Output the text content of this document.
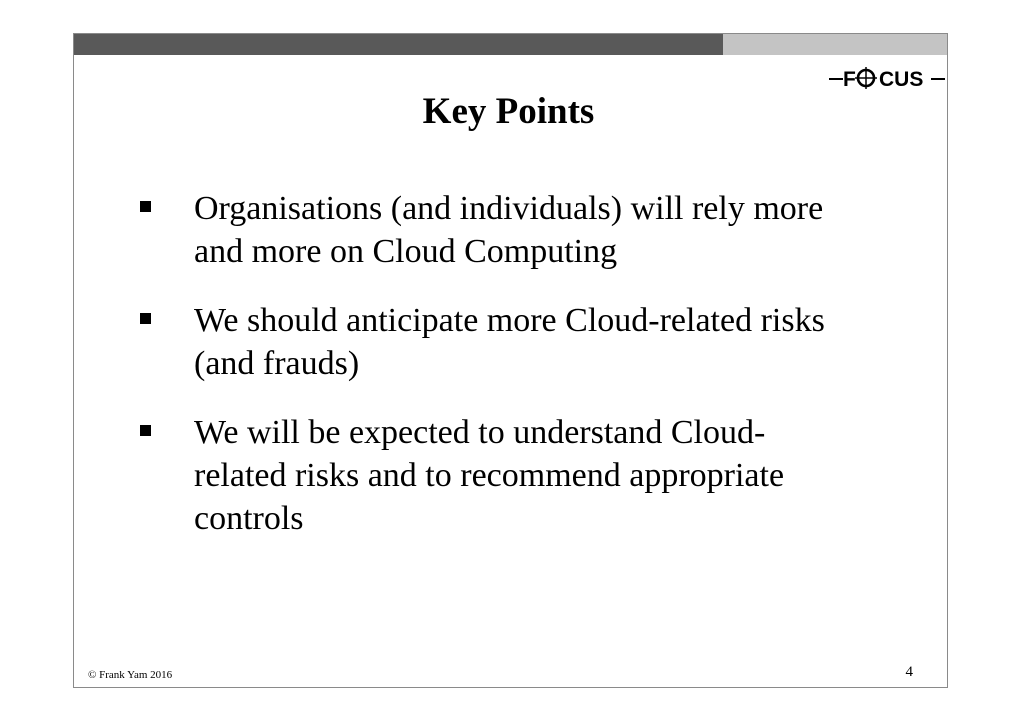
F CUS
Key Points
Organisations (and individuals) will rely more and more on Cloud Computing
We should anticipate more Cloud-related risks (and frauds)
We will be expected to understand Cloud-related risks and to recommend appropriate controls
© Frank Yam 2016	4
